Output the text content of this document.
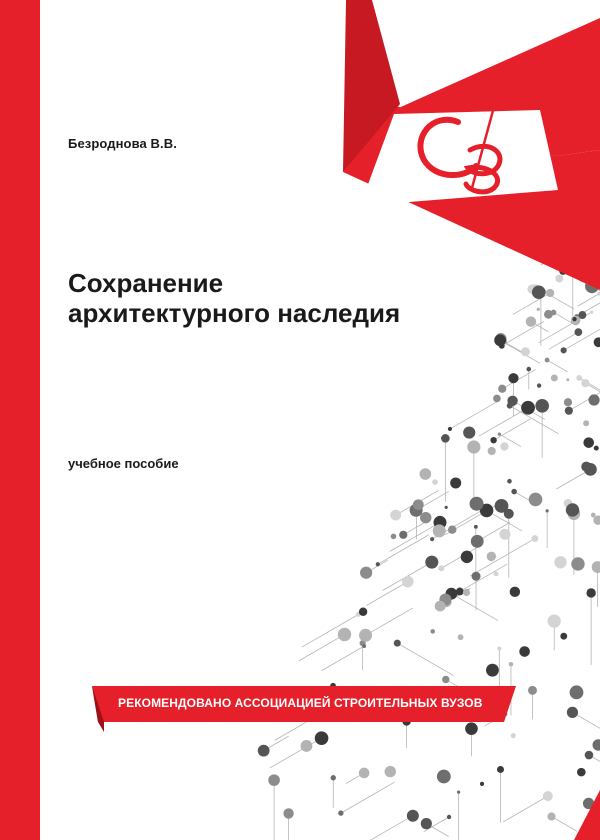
Безроднова В.В.
Сохранение
архитектурного наследия
учебное пособие
РЕКОМЕНДОВАНО АССОЦИАЦИЕЙ СТРОИТЕЛЬНЫХ ВУЗОВ
